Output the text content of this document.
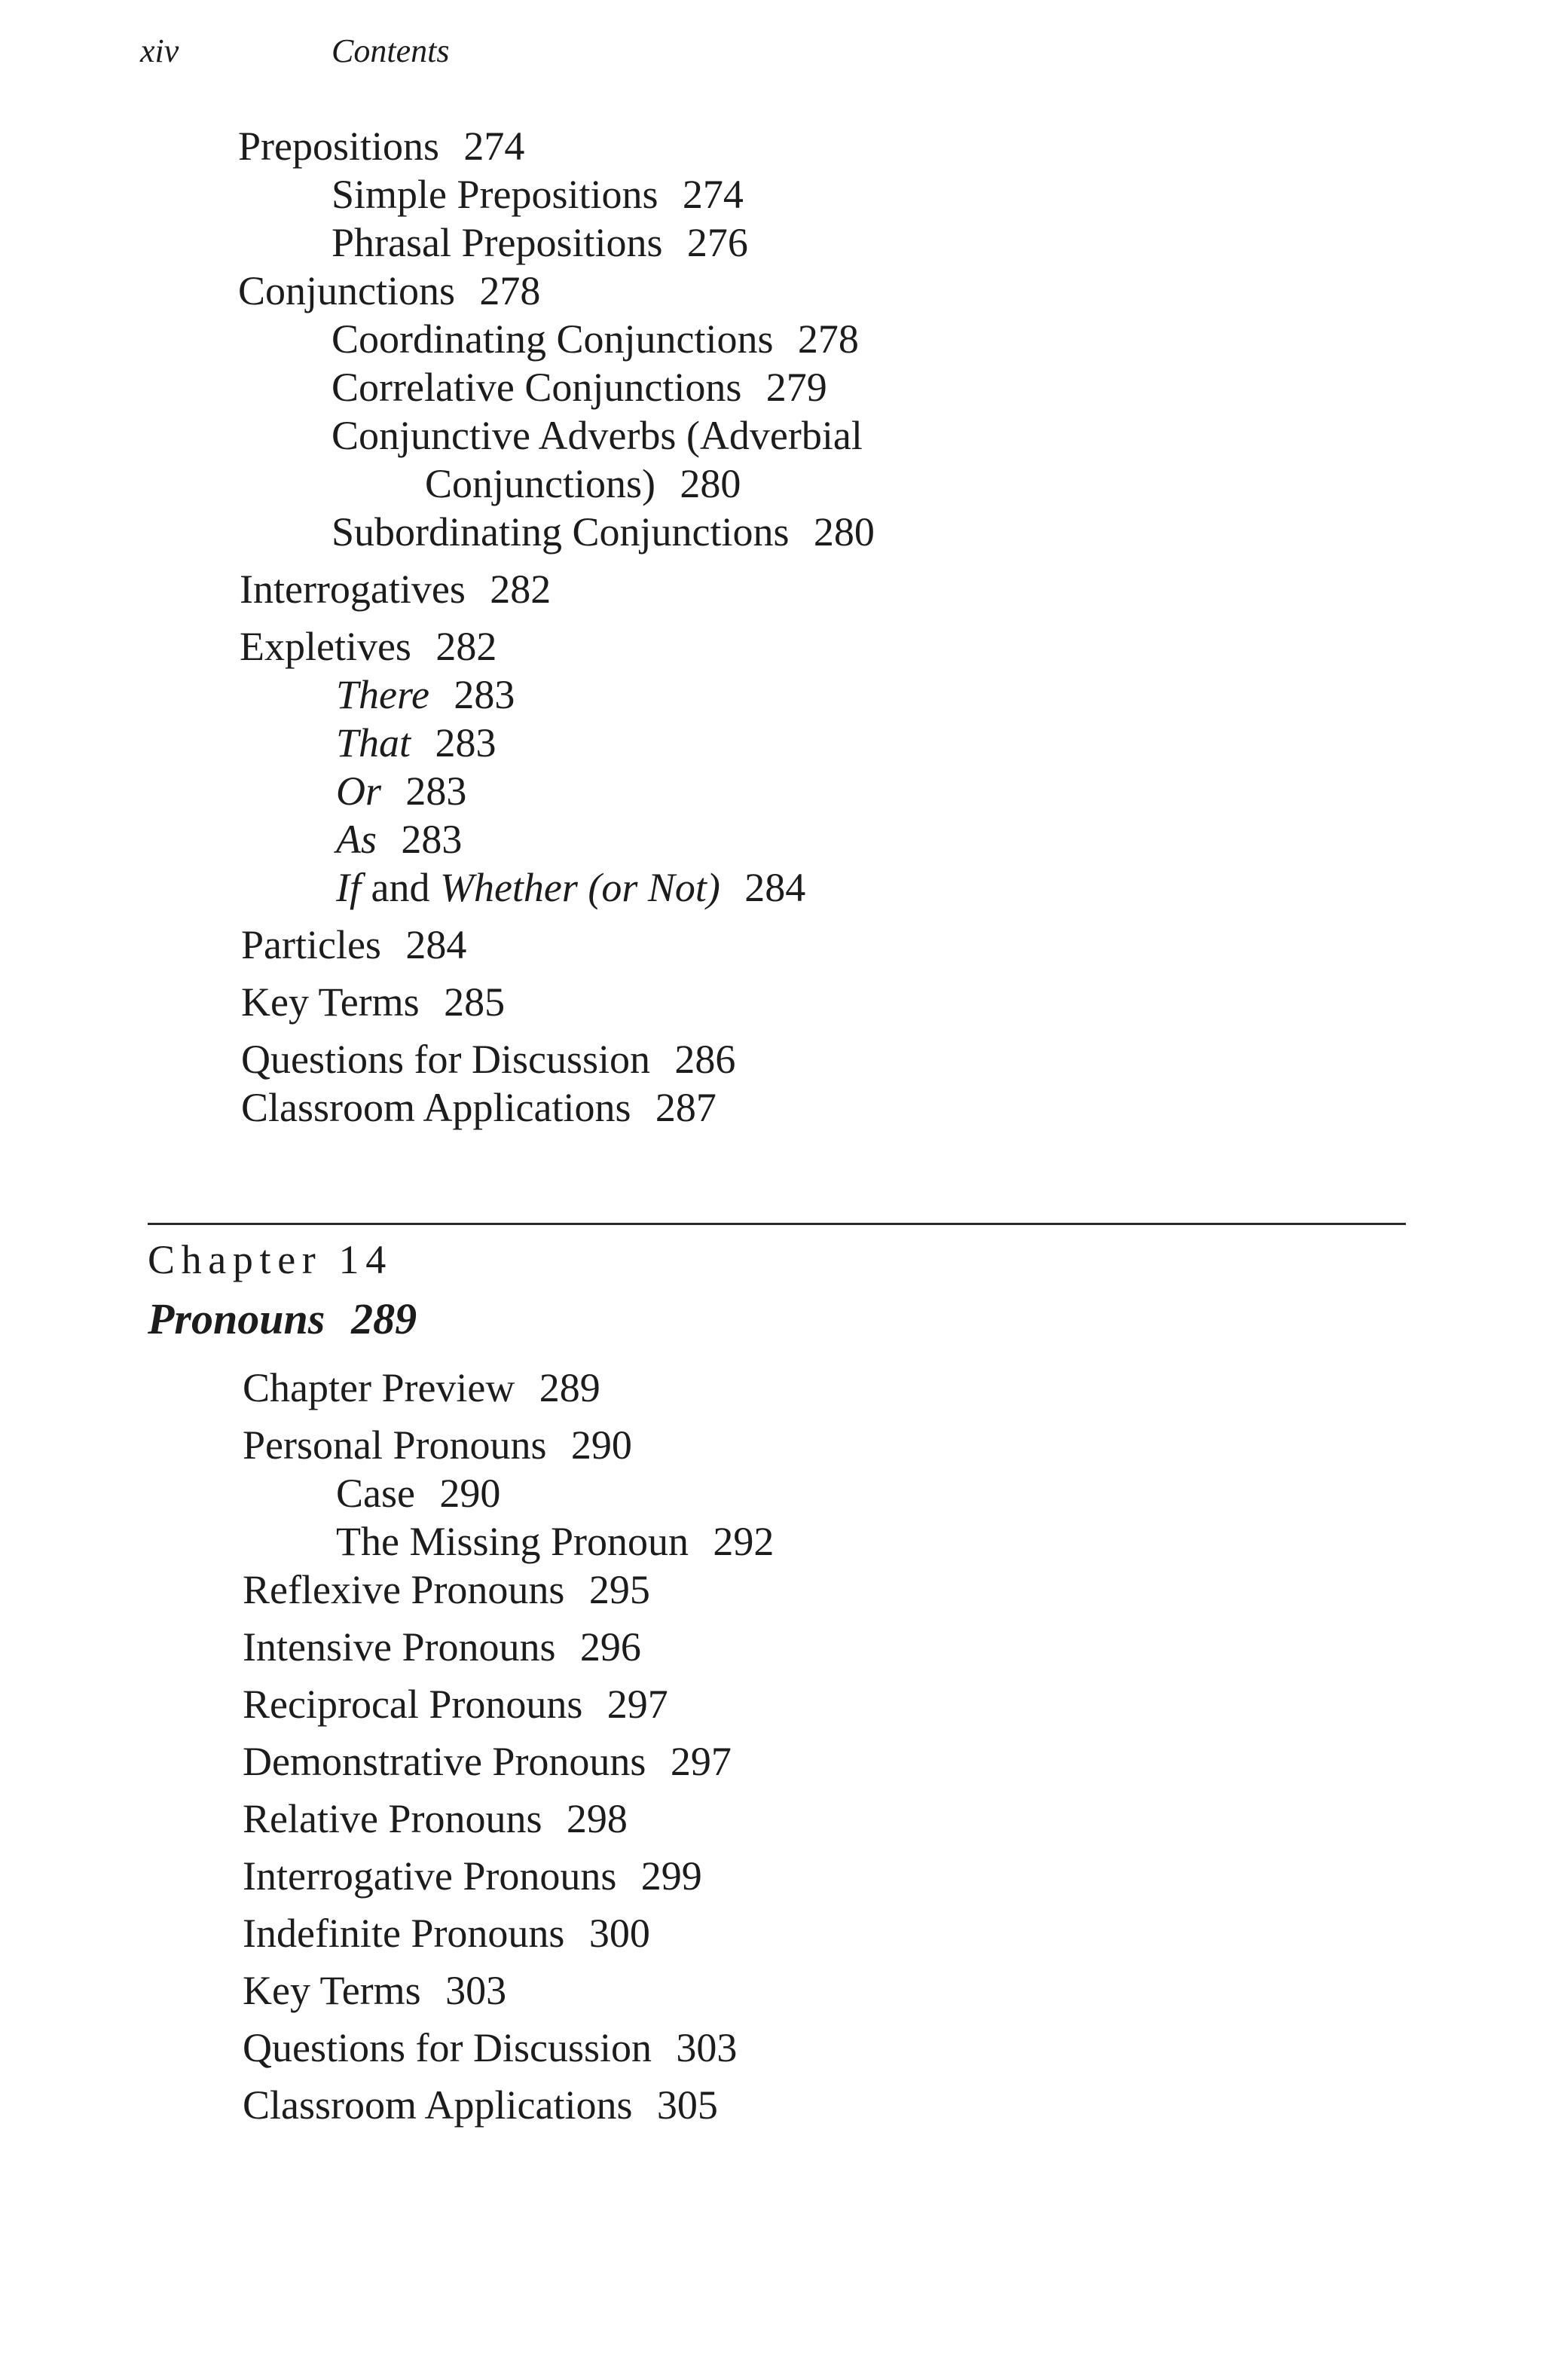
xiv	Contents
Prepositions 274
Simple Prepositions 274
Phrasal Prepositions 276
Conjunctions 278
Coordinating Conjunctions 278
Correlative Conjunctions 279
Conjunctive Adverbs (Adverbial
Conjunctions) 280
Subordinating Conjunctions 280
Interrogatives 282
Expletives 282
There 283
That 283
Or 283
As 283
If and Whether (or Not) 284
Particles 284
Key Terms 285
Questions for Discussion 286
Classroom Applications 287
Chapter 14
Pronouns 289
Chapter Preview 289
Personal Pronouns 290
Case 290
The Missing Pronoun 292
Reflexive Pronouns 295
Intensive Pronouns 296
Reciprocal Pronouns 297
Demonstrative Pronouns 297
Relative Pronouns 298
Interrogative Pronouns 299
Indefinite Pronouns 300
Key Terms 303
Questions for Discussion 303
Classroom Applications 305
